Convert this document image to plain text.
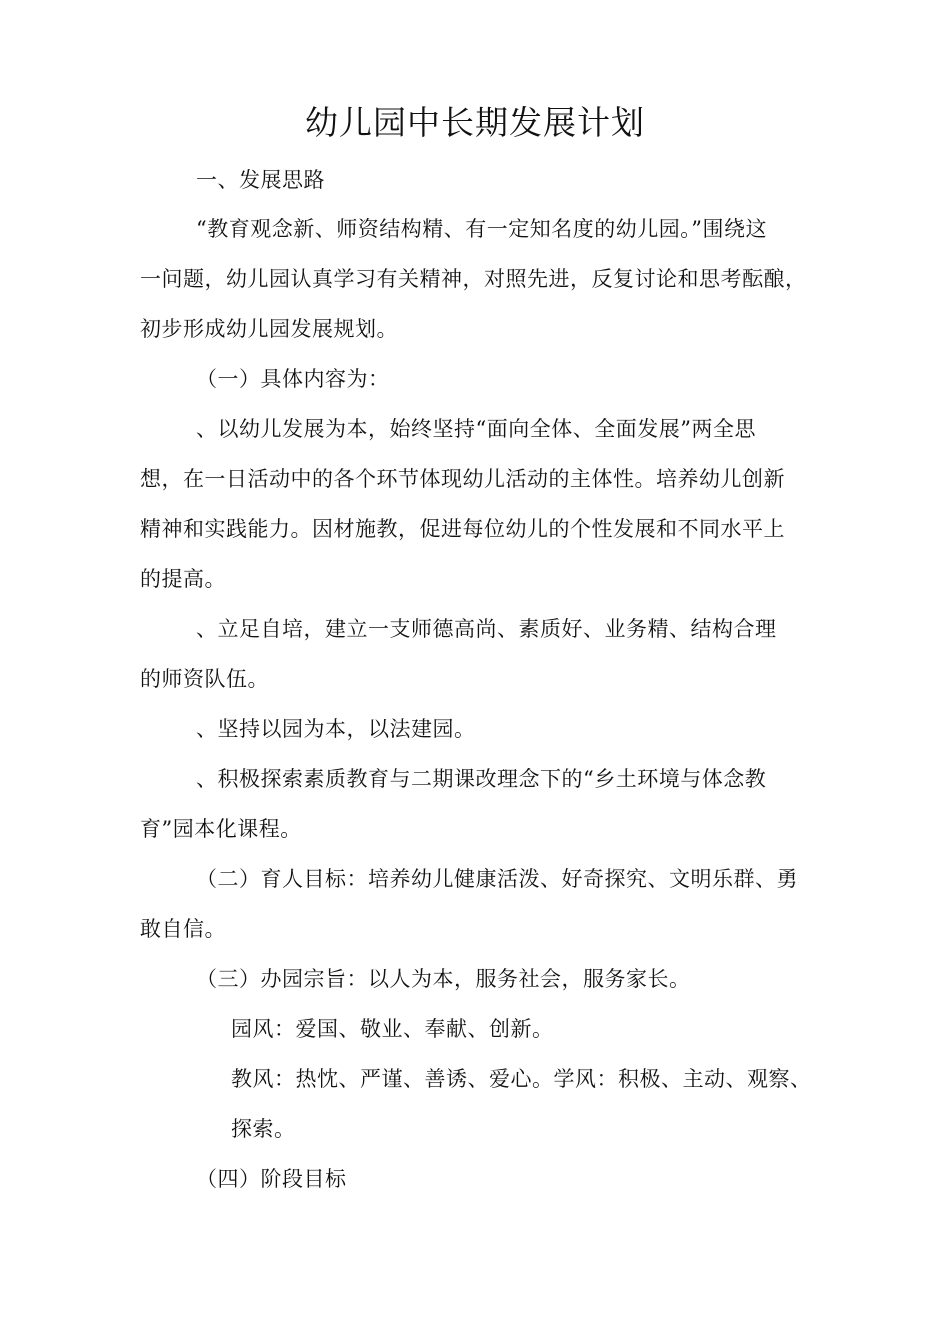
幼儿园中长期发展计划
一、发展思路
“教育观念新、师资结构精、有一定知名度的幼儿园。”围绕这
一问题，幼儿园认真学习有关精神，对照先进，反复讨论和思考酝酿，
初步形成幼儿园发展规划。
（一）具体内容为：
、以幼儿发展为本，始终坚持“面向全体、全面发展”两全思
想，在一日活动中的各个环节体现幼儿活动的主体性。培养幼儿创新
精神和实践能力。因材施教，促进每位幼儿的个性发展和不同水平上
的提高。
、立足自培，建立一支师德高尚、素质好、业务精、结构合理
的师资队伍。
、坚持以园为本，以法建园。
、积极探索素质教育与二期课改理念下的“乡土环境与体念教
育”园本化课程。
（二）育人目标：培养幼儿健康活泼、好奇探究、文明乐群、勇
敢自信。
（三）办园宗旨：以人为本，服务社会，服务家长。
园风：爱国、敬业、奉献、创新。
教风：热忱、严谨、善诱、爱心。学风：积极、主动、观察、
探索。
（四）阶段目标
